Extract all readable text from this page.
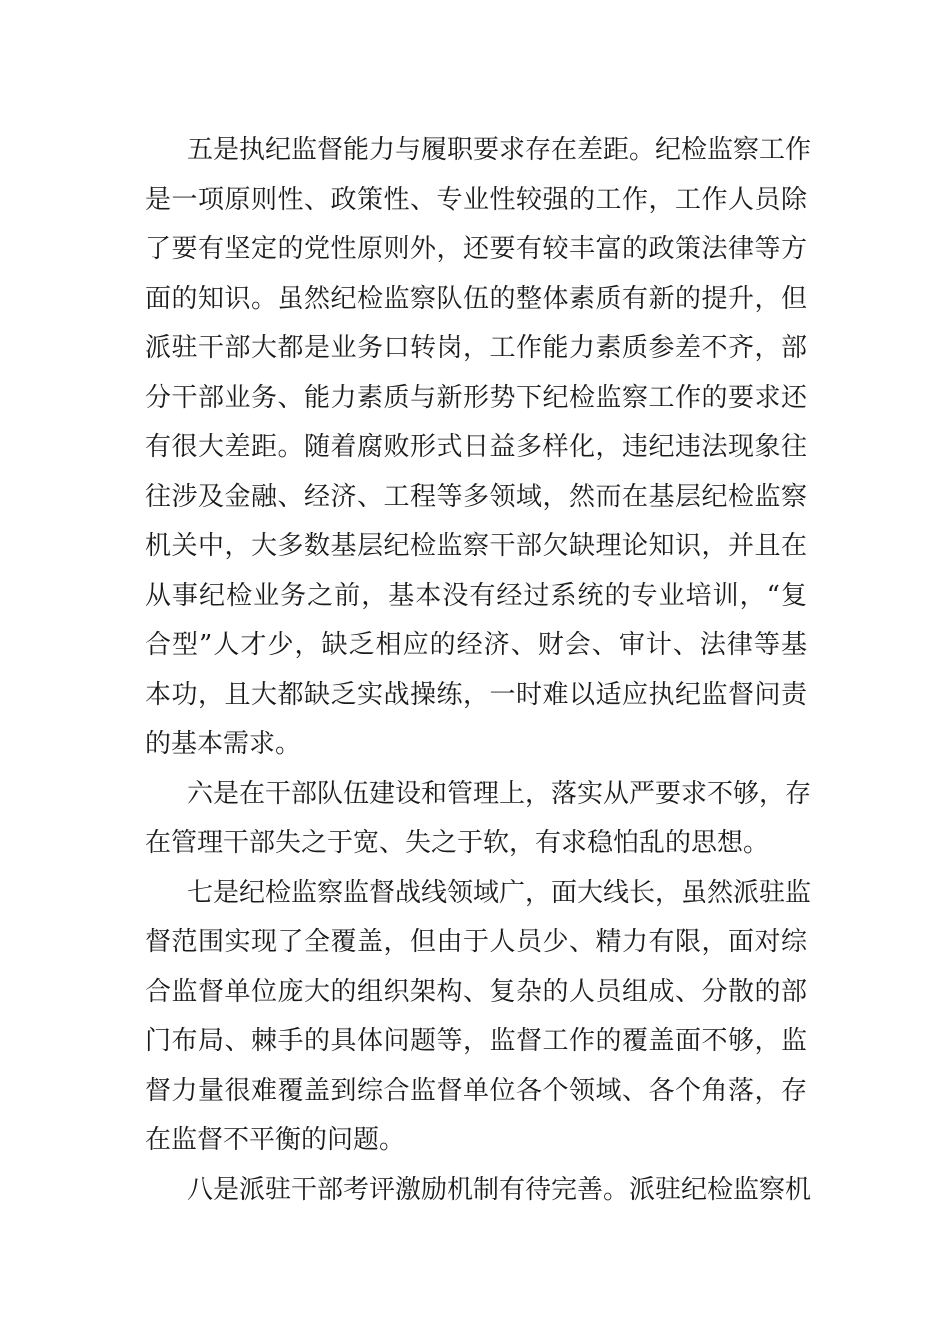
五是执纪监督能力与履职要求存在差距。纪检监察工作
是一项原则性、政策性、专业性较强的工作，工作人员除
了要有坚定的党性原则外，还要有较丰富的政策法律等方
面的知识。虽然纪检监察队伍的整体素质有新的提升，但
派驻干部大都是业务口转岗，工作能力素质参差不齐，部
分干部业务、能力素质与新形势下纪检监察工作的要求还
有很大差距。随着腐败形式日益多样化，违纪违法现象往
往涉及金融、经济、工程等多领域，然而在基层纪检监察
机关中，大多数基层纪检监察干部欠缺理论知识，并且在
从事纪检业务之前，基本没有经过系统的专业培训，“复
合型”人才少，缺乏相应的经济、财会、审计、法律等基
本功，且大都缺乏实战操练，一时难以适应执纪监督问责
的基本需求。

六是在干部队伍建设和管理上，落实从严要求不够，存
在管理干部失之于宽、失之于软，有求稳怕乱的思想。

七是纪检监察监督战线领域广，面大线长，虽然派驻监
督范围实现了全覆盖，但由于人员少、精力有限，面对综
合监督单位庞大的组织架构、复杂的人员组成、分散的部
门布局、棘手的具体问题等，监督工作的覆盖面不够，监
督力量很难覆盖到综合监督单位各个领域、各个角落，存
在监督不平衡的问题。

八是派驻干部考评激励机制有待完善。派驻纪检监察机
